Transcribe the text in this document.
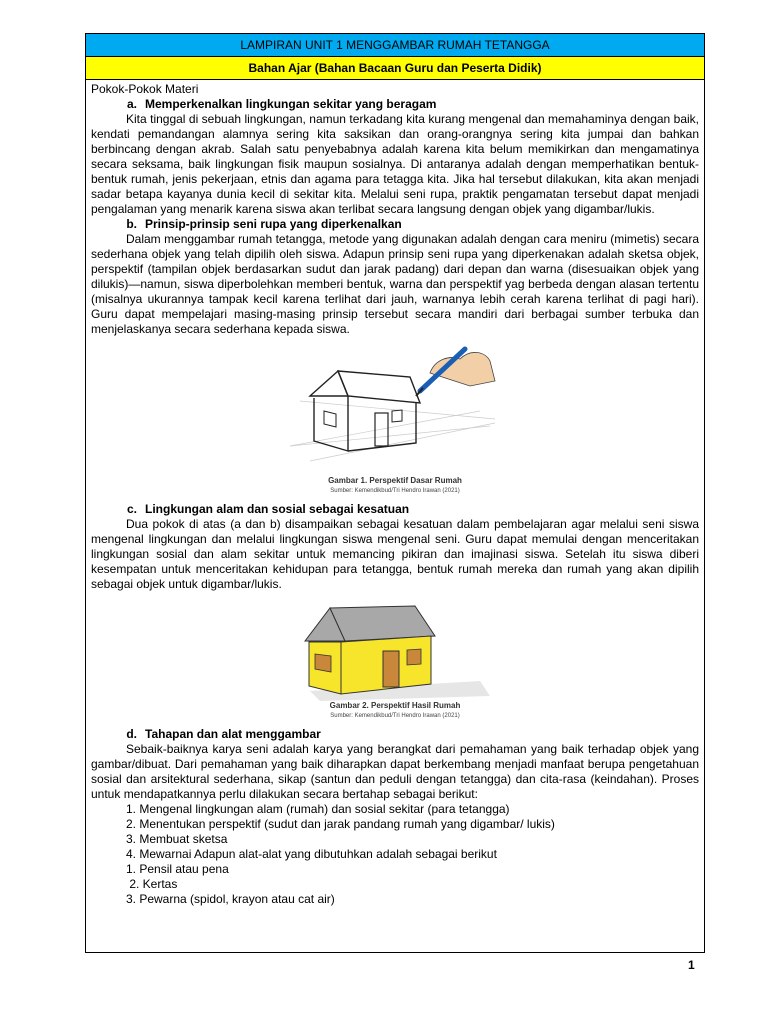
LAMPIRAN UNIT 1 MENGGAMBAR RUMAH TETANGGA
Bahan Ajar (Bahan Bacaan Guru dan Peserta Didik)

Pokok-Pokok Materi

a. Memperkenalkan lingkungan sekitar yang beragam

Kita tinggal di sebuah lingkungan, namun terkadang kita kurang mengenal dan memahaminya dengan baik, kendati pemandangan alamnya sering kita saksikan dan orang-orangnya sering kita jumpai dan bahkan berbincang dengan akrab. Salah satu penyebabnya adalah karena kita belum memikirkan dan mengamatinya secara seksama, baik lingkungan fisik maupun sosialnya. Di antaranya adalah dengan memperhatikan bentuk-bentuk rumah, jenis pekerjaan, etnis dan agama para tetagga kita. Jika hal tersebut dilakukan, kita akan menjadi sadar betapa kayanya dunia kecil di sekitar kita. Melalui seni rupa, praktik pengamatan tersebut dapat menjadi pengalaman yang menarik karena siswa akan terlibat secara langsung dengan objek yang digambar/lukis.

b. Prinsip-prinsip seni rupa yang diperkenalkan

Dalam menggambar rumah tetangga, metode yang digunakan adalah dengan cara meniru (mimetis) secara sederhana objek yang telah dipilih oleh siswa. Adapun prinsip seni rupa yang diperkenakan adalah sketsa objek, perspektif (tampilan objek berdasarkan sudut dan jarak padang) dari depan dan warna (disesuaikan objek yang dilukis)—namun, siswa diperbolehkan memberi bentuk, warna dan perspektif yag berbeda dengan alasan tertentu (misalnya ukurannya tampak kecil karena terlihat dari jauh, warnanya lebih cerah karena terlihat di pagi hari). Guru dapat mempelajari masing-masing prinsip tersebut secara mandiri dari berbagai sumber terbuka dan menjelaskanya secara sederhana kepada siswa.

Gambar 1. Perspektif Dasar Rumah
Sumber: Kemendikbud/Tri Hendro Irawan (2021)
c. Lingkungan alam dan sosial sebagai kesatuan

Dua pokok di atas (a dan b) disampaikan sebagai kesatuan dalam pembelajaran agar melalui seni siswa mengenal lingkungan dan melalui lingkungan siswa mengenal seni. Guru dapat memulai dengan menceritakan lingkungan sosial dan alam sekitar untuk memancing pikiran dan imajinasi siswa. Setelah itu siswa diberi kesempatan untuk menceritakan kehidupan para tetangga, bentuk rumah mereka dan rumah yang akan dipilih sebagai objek untuk digambar/lukis.

Gambar 2. Perspektif Hasil Rumah
Sumber: Kemendikbud/Tri Hendro Irawan (2021)
d. Tahapan dan alat menggambar

Sebaik-baiknya karya seni adalah karya yang berangkat dari pemahaman yang baik terhadap objek yang gambar/dibuat. Dari pemahaman yang baik diharapkan dapat berkembang menjadi manfaat berupa pengetahuan sosial dan arsitektural sederhana, sikap (santun dan peduli dengan tetangga) dan cita-rasa (keindahan). Proses untuk mendapatkannya perlu dilakukan secara bertahap sebagai berikut:

1. Mengenal lingkungan alam (rumah) dan sosial sekitar (para tetangga)
2. Menentukan perspektif (sudut dan jarak pandang rumah yang digambar/ lukis)
3. Membuat sketsa
4. Mewarnai Adapun alat-alat yang dibutuhkan adalah sebagai berikut
1. Pensil atau pena
2. Kertas
3. Pewarna (spidol, krayon atau cat air)
1
